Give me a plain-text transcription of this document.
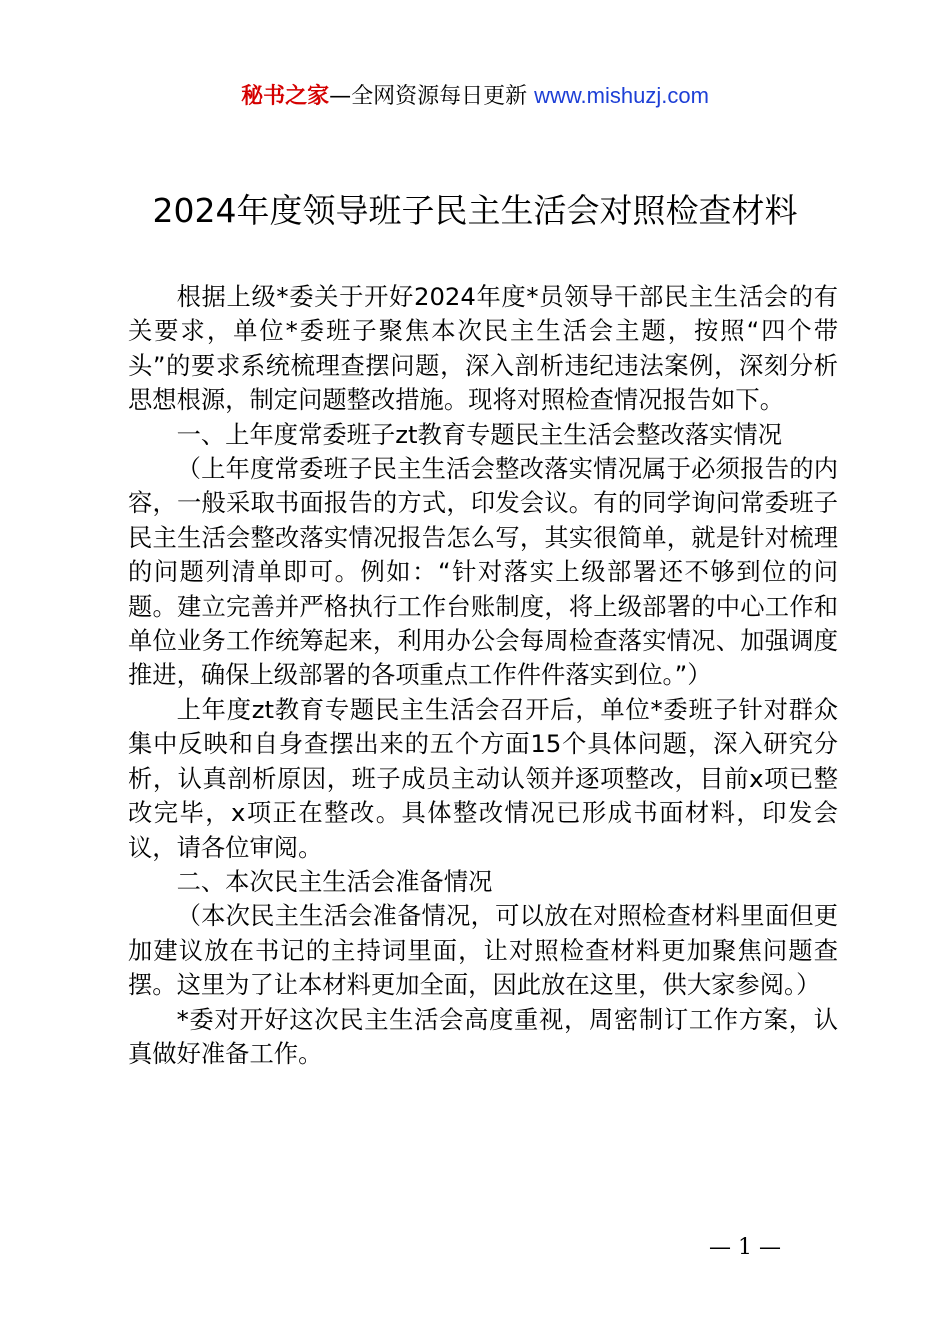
秘书之家—全网资源每日更新 www.mishuzj.com
2024年度领导班子民主生活会对照检查材料

根据上级*委关于开好2024年度*员领导干部民主生活会的有关要求，单位*委班子聚焦本次民主生活会主题，按照“四个带头”的要求系统梳理查摆问题，深入剖析违纪违法案例，深刻分析思想根源，制定问题整改措施。现将对照检查情况报告如下。

一、上年度常委班子zt教育专题民主生活会整改落实情况

（上年度常委班子民主生活会整改落实情况属于必须报告的内容，一般采取书面报告的方式，印发会议。有的同学询问常委班子民主生活会整改落实情况报告怎么写，其实很简单，就是针对梳理的问题列清单即可。例如：“针对落实上级部署还不够到位的问题。建立完善并严格执行工作台账制度，将上级部署的中心工作和单位业务工作统筹起来，利用办公会每周检查落实情况、加强调度推进，确保上级部署的各项重点工作件件落实到位。”）

上年度zt教育专题民主生活会召开后，单位*委班子针对群众集中反映和自身查摆出来的五个方面15个具体问题，深入研究分析，认真剖析原因，班子成员主动认领并逐项整改，目前x项已整改完毕，x项正在整改。具体整改情况已形成书面材料，印发会议，请各位审阅。

二、本次民主生活会准备情况

（本次民主生活会准备情况，可以放在对照检查材料里面但更加建议放在书记的主持词里面，让对照检查材料更加聚焦问题查摆。这里为了让本材料更加全面，因此放在这里，供大家参阅。）

*委对开好这次民主生活会高度重视，周密制订工作方案，认真做好准备工作。

— 1 —
